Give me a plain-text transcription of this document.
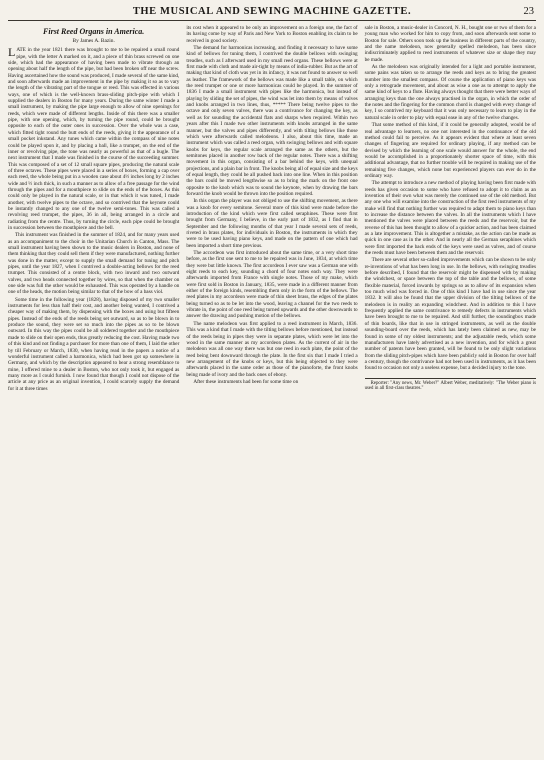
THE MUSICAL AND SEWING MACHINE GAZETTE.	23
First Reed Organs in America.
By James A. Bazin.

LATE in the year 1821 there was brought to me to be repaired a small round pipe, with the letter A marked on it, and a piece of thin brass screwed on one side, which had the appearance of having been made to vibrate through an opening about half the length of the pipe, but had been broken off near the screw. Having ascertained how the sound was produced, I made several of the same kind, and soon afterwards made an improvement in the pipe by making it so as to vary the length of the vibrating part of the tongue or reed. This was effected in various ways, one of which is the well-known brass-sliding pitch-pipe with which I supplied the dealers in Boston for many years. During the same winter I made a small instrument, by making the pipe large enough to allow of nine openings for reeds, which were made of different lengths. Inside of this there was a smaller pipe, with one opening, which, by turning the pipe round, could be brought opposite to each of the outer ones in succession. Over the whole was a case, which fitted tight round the butt ends of the reeds, giving it the appearance of a small pocket inkstand. Any tunes which came within the compass of nine notes could be played upon it, and by placing a ball, like a trumpet, on the end of the inner or revolving pipe, the tone was nearly as powerful as that of a bugle. The next instrument that I made was finished in the course of the succeeding summer. This was composed of a set of 12 small square pipes, producing the natural scale of three octaves. These pipes were placed in a series of boxes, forming a cap over each reed, the whole being put in a wooden case about 4½ inches long by 2 inches wide and ½ inch thick, in such a manner as to allow of a free passage for the wind through the pipes and for a mouthpiece to slide on the ends of the boxes. As this could only be played in the natural scale, or in that which it was tuned, I made another, with twelve pipes to the octave, and so contrived that the keynote could be instantly changed to any one of the twelve semi-tones. This was called a revolving reed trumpet, the pipes, 36 in all, being arranged in a circle and radiating from the centre. Thus, by turning the circle, each pipe could be brought in succession between the mouthpiece and the bell.

This instrument was finished in the summer of 1824, and for many years used as an accompaniment to the choir in the Unitarian Church in Canton, Mass. The small instrument having been shown to the music dealers in Boston, and none of them thinking that they could sell them if they were manufactured, nothing further was done in the matter, except to supply the small demand for tuning and pitch pipes, until the year 1827, when I contrived a double-acting bellows for the reed trumpet. This consisted of a centre block, with two inward and two outward valves, and two heads connected together by wires, so that when the chamber on one side was full the other would be exhausted. This was operated by a handle on one of the heads, the motion being similar to that of the bow of a bass viol.

Some time in the following year (1828), having disposed of my two smaller instruments for less than half their cost, and another being wanted, I contrived a cheaper way of making them, by dispensing with the boxes and using but fifteen pipes. Instead of the ends of the reeds being set outward, so as to be blown in to produce the sound, they were set so much into the pipes as so to be blown outward. In this way the pipes could be all soldered together and the mouthpiece made to slide on their open ends, thus greatly reducing the cost. Having made two of this kind and not finding a purchaser for more than one of them, I laid the other by till February or March, 1830, when having read in the papers a notice of a wonderful instrument called a harmonica, which had been got up somewhere in Germany, and which by the description appeared to bear a strong resemblance to mine, I offered mine to a dealer in Boston, who not only took it, but engaged as many more as I could furnish. I now found that though I could not dispose of the article at any price as an original invention, I could scarcely supply the demand for it at three times

its cost when it appeared to be only an improvement on a foreign one, the fact of its having come by way of Paris and New York to Boston enabling its claim to be received in good society.

The demand for harmonicas increasing, and finding it necessary to have some kind of bellows for tuning them, I contrived the double bellows with swinging treadles, such as I afterward used in my small reed organs. These bellows were at first made with cloth and made air-tight by means of india-rubber. But as the art of making that kind of cloth was yet in its infancy, it was not found to answer so well as leather. The framework of the bellows was made like a small table, on which the reed trumpet or one or more harmonicas could be played. In the summer of 1836 I made a small instrument with pipes like the harmonica, but instead of playing by sliding the set of pipes, the wind was let into them by means of valves and knobs arranged in two lines, thus, ***** There being twelve pipes to the octave and only seven valves, there was a contrivance for changing the key, as well as for sounding the accidental flats and sharps when required. Within two years after this I made two other instruments with knobs arranged in the same manner, but the valves and pipes differently, and with tilting bellows like those which were afterwards called melodeons. I also, about this time, made an instrument which was called a reed organ, with swinging bellows and with square knobs for keys, the regular scale arranged the same as the others, but the semitones placed in another row back of the regular notes. There was a shifting movement in this organ, consisting of a bar behind the keys, with unequal projections, and a plain bar in front. The knobs being all of equal size and the keys of equal length, they could be all pushed back into one line. When in this position the bars could be moved lengthwise so as to bring the mark on the front one opposite to the knob which was to sound the keynote, when by drawing the bars forward the knob would be thrown into the position required.

In this organ the player was not obliged to use the shifting movement, as there was a knob for every semitone. Several more of this kind were made before the introduction of the kind which were first called seraphines. These were first brought from Germany, I believe, in the early part of 1832, as I find that in September and the following months of that year I made several sets of reeds, riveted in brass plates, for individuals in Boston, the instruments in which they were to be used having piano keys, and made on the pattern of one which had been imported a short time previous.

The accordeon was first introduced about the same time, or a very short time before, as the first one sent to me to be repaired was in June, 1834, at which time they were but little known. The first accordeon I ever saw was a German one with eight reeds to each key, sounding a chord of four notes each way. They were afterwards imported from France with single notes. Those of my make, which were first sold in Boston in January, 1835, were made in a different manner from either of the foreign kinds, resembling them only in the form of the bellows. The reed plates in my accordeon were made of thin sheet brass, the edges of the plates being turned so as to be let into the wood, leaving a channel for the two reeds to vibrate in, the point of one reed being turned upwards and the other downwards to answer the drawing and pushing motion of the bellows.

The name melodeon was first applied to a reed instrument in March, 1836. This was a kind that I made with the tilting bellows before mentioned, but instead of the reeds being in pipes they were in separate plates, which were let into the wood in the same manner as my accordeon plates. As the current of air in the melodeon was all one way there was but one reed in each plate, the point of the reed being bent downward through the plate. In the first six that I made I tried a new arrangement of the knobs or keys, but this being objected to they were afterwards placed in the same order as those of the pianoforte, the front knobs being made of ivory and the back ones of ebony.

After these instruments had been for some time on

sale in Boston, a music-dealer in Concord, N. H., bought one or two of them for a young man who worked for him to copy from, and soon afterwards sent some to Boston for sale. Others soon took up the business in different parts of the country, and the name melodeon, now generally spelled melodeon, has been since indiscriminately applied to reed instruments of whatever size or shape they may be made.

As the melodeon was originally intended for a light and portable instrument, some pains was taken so to arrange the reeds and keys as to bring the greatest number into the smallest compass. Of course the application of piano keys was only a retrograde movement, and about as wise a one as to attempt to apply the same kind of keys to a flute. Having always thought that there were better ways of arranging keys than the one always practised in the organ, in which the order of the notes and the fingering for the common chord is changed with every change of key, I so contrived my keyboard that it was only necessary to learn to play in the natural scale in order to play with equal ease in any of the twelve changes.

That some method of this kind, if it could be generally adopted, would be of real advantage to learners, no one not interested in the continuance of the old method could fail to perceive. As it appears evident that where at least seven changes of fingering are required for ordinary playing, if any method can be devised by which the learning of one scale would answer for the whole, the end would be accomplished in a proportionately shorter space of time, with this additional advantage, that no further trouble will be required in making use of the remaining five changes, which none but experienced players can ever do in the ordinary way.

The attempt to introduce a new method of playing having been first made with reeds has given occasion to some who have refused to adopt it to claim as an invention of their own what was merely the continued use of the old method. But any one who will examine into the construction of the first reed instruments of my make will find that nothing further was required to adapt them to piano keys than to increase the distance between the valves. In all the instruments which I have mentioned the valves were placed between the reeds and the reservoir, but the reverse of this has been thought to allow of a quicker action, and has been claimed as a late improvement. This is altogether a mistake, as the action can be made as quick in one case as in the other. And in nearly all the German seraphines which were first imported the back ends of the keys were used as valves, and of course the reeds must have been between them and the reservoir.

There are several other so-called improvements which can be shown to be only re-inventions of what has been long in use. In the bellows, with swinging treadles before described, I found that the reservoir might be dispensed with by making the windchest, or space between the top of the table and the bellows, of some flexible material, forced inwards by springs so as to allow of its expansion when too much wind was forced in. One of this kind I have had in use since the year 1832. It will also be found that the upper division of the tilting bellows of the melodeon is in reality an expanding windchest. And in addition to this I have frequently applied the same contrivance to remedy defects in instruments which have been brought to me to be repaired. And still further, the soundingbox made of thin boards, like that in use in stringed instruments, as well as the double sounding-board over the reeds, which has lately been claimed as new, may be found in some of my oldest instruments; and the adjustable reeds, which some manufacturers have lately advertised as a new invention, and for which a great number of patents have been granted, will be found to be only slight variations from the sliding pitch-pipes which have been publicly sold in Boston for over half a century, though the contrivance had not been used in instruments, as it has been found to occasion not only a useless expense, but a decided injury to the tone.

Reporter: "Any news, Mr. Weber?" Albert Weber, meditatively: "The Weber piano is used in all first-class theatres."
